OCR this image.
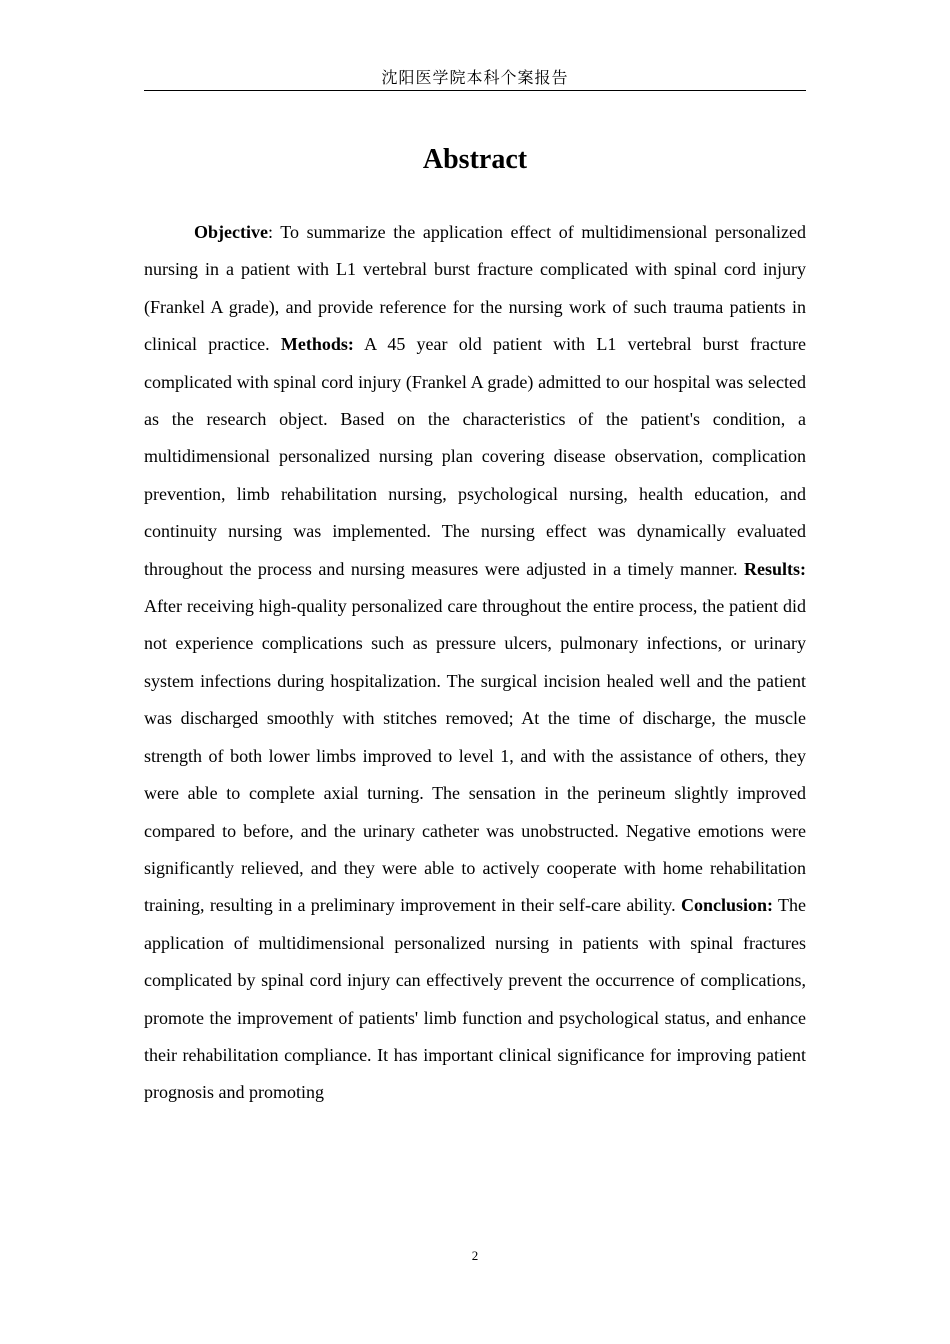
沈阳医学院本科个案报告
Abstract

Objective: To summarize the application effect of multidimensional personalized nursing in a patient with L1 vertebral burst fracture complicated with spinal cord injury (Frankel A grade), and provide reference for the nursing work of such trauma patients in clinical practice. Methods: A 45 year old patient with L1 vertebral burst fracture complicated with spinal cord injury (Frankel A grade) admitted to our hospital was selected as the research object. Based on the characteristics of the patient's condition, a multidimensional personalized nursing plan covering disease observation, complication prevention, limb rehabilitation nursing, psychological nursing, health education, and continuity nursing was implemented. The nursing effect was dynamically evaluated throughout the process and nursing measures were adjusted in a timely manner. Results: After receiving high-quality personalized care throughout the entire process, the patient did not experience complications such as pressure ulcers, pulmonary infections, or urinary system infections during hospitalization. The surgical incision healed well and the patient was discharged smoothly with stitches removed; At the time of discharge, the muscle strength of both lower limbs improved to level 1, and with the assistance of others, they were able to complete axial turning. The sensation in the perineum slightly improved compared to before, and the urinary catheter was unobstructed. Negative emotions were significantly relieved, and they were able to actively cooperate with home rehabilitation training, resulting in a preliminary improvement in their self-care ability. Conclusion: The application of multidimensional personalized nursing in patients with spinal fractures complicated by spinal cord injury can effectively prevent the occurrence of complications, promote the improvement of patients' limb function and psychological status, and enhance their rehabilitation compliance. It has important clinical significance for improving patient prognosis and promoting

2
